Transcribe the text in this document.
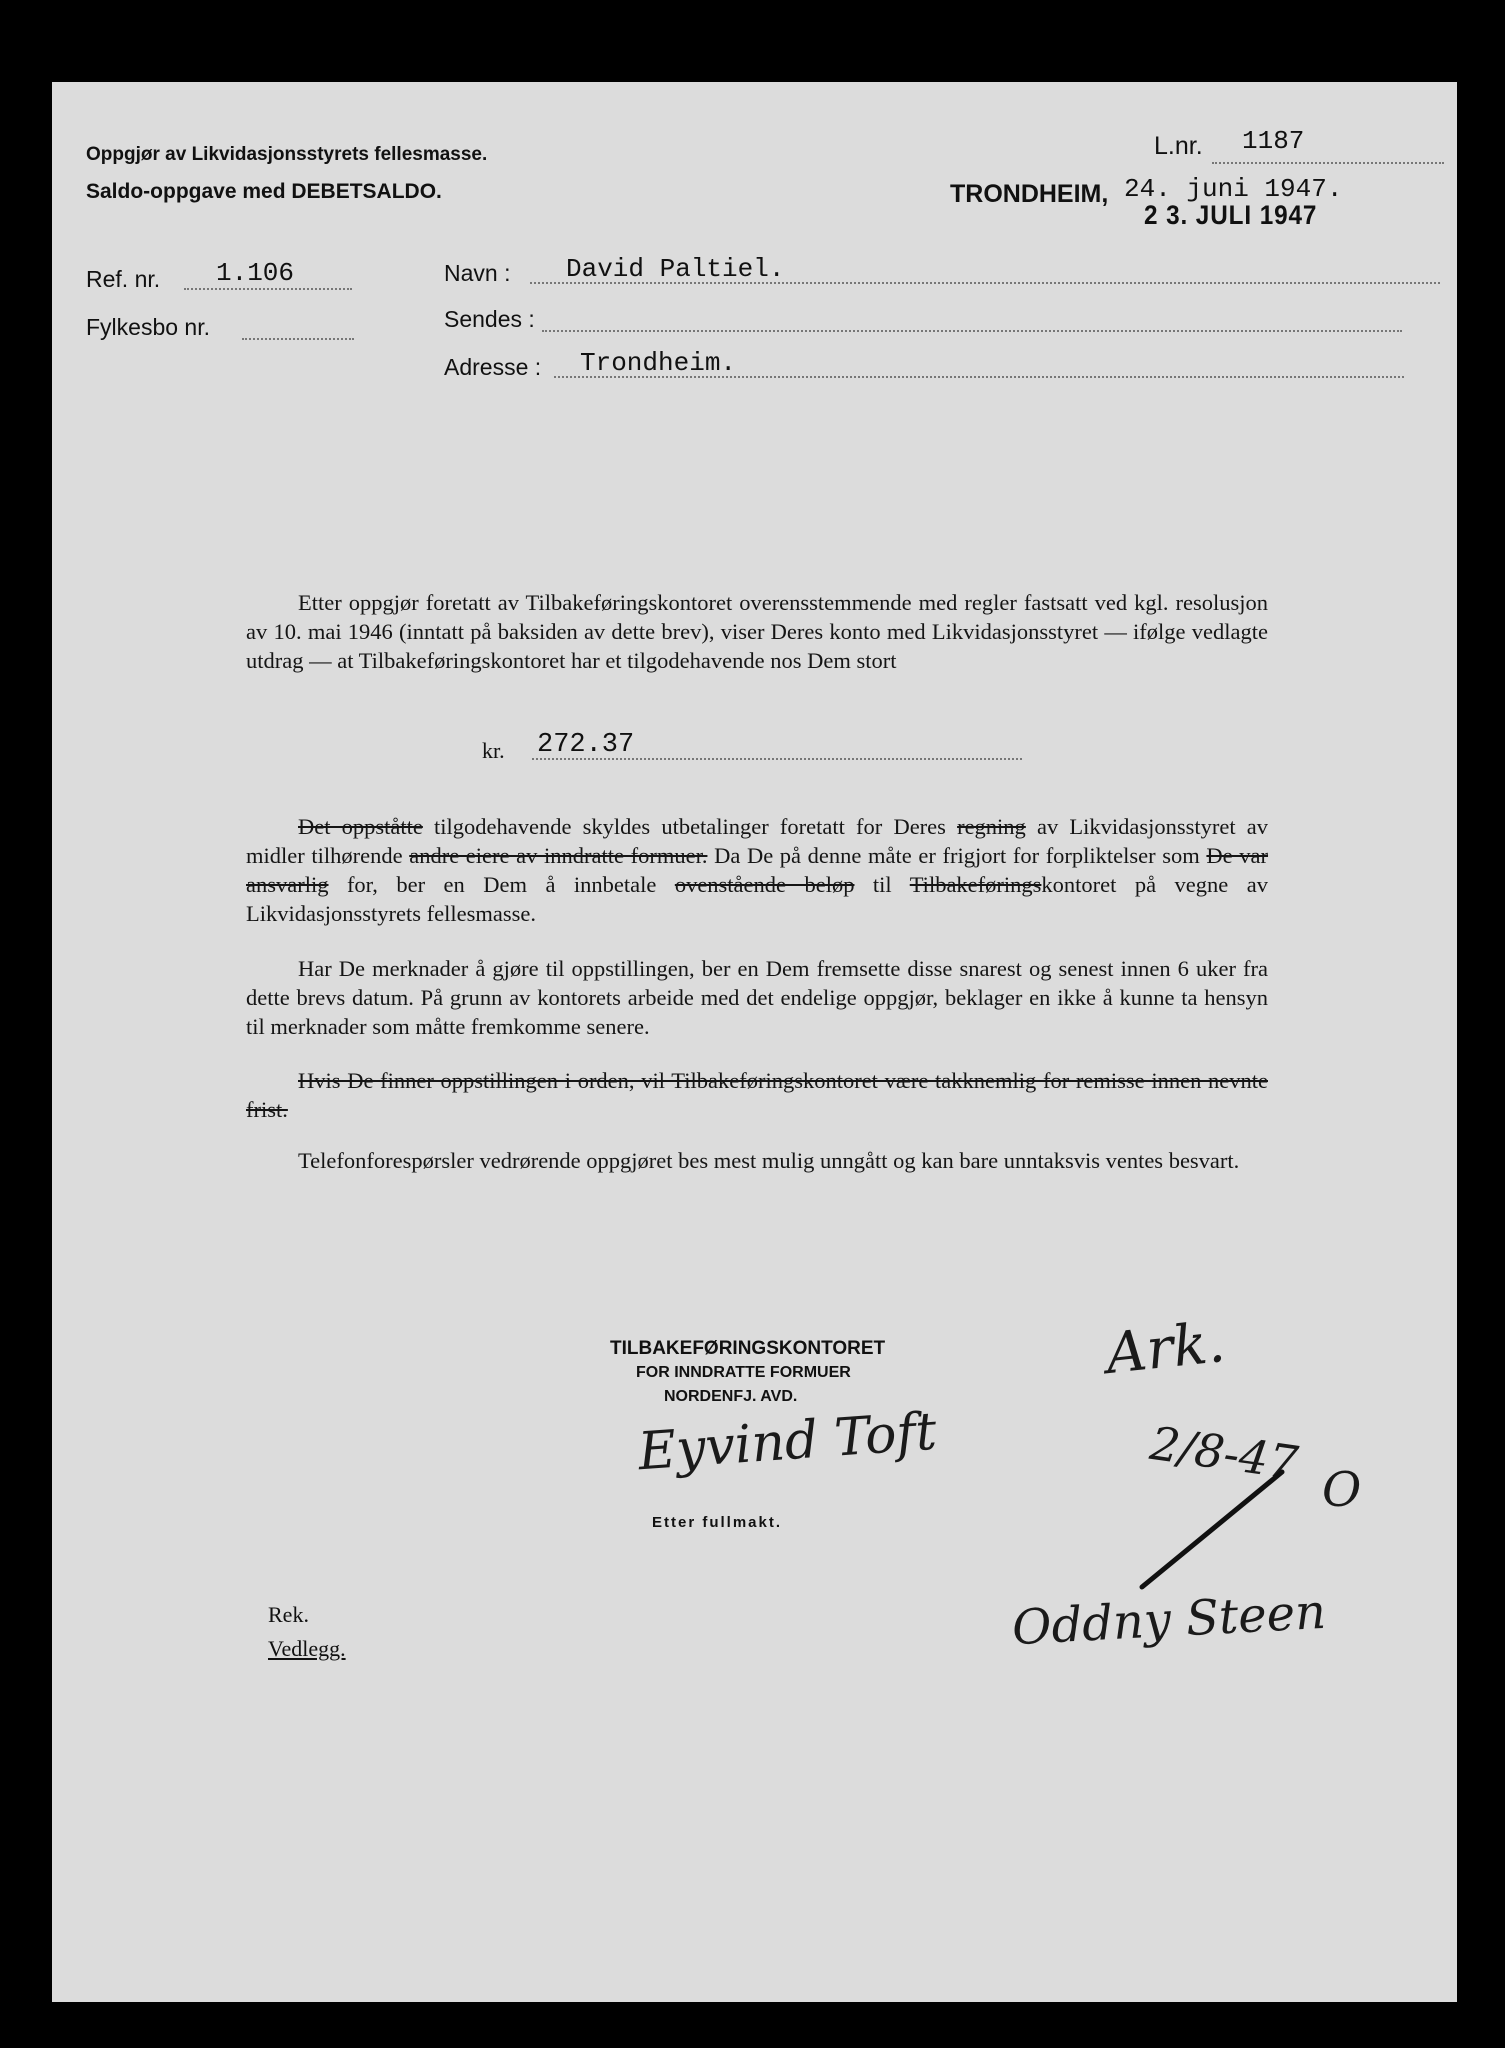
Oppgjør av Likvidasjonsstyrets fellesmasse.
Saldo-oppgave med DEBETSALDO.
L.nr. 1187
TRONDHEIM, 24. juni 1947.
2 3. JULI 1947
Ref. nr. 1.106
Fylkesbo nr.
Navn : David Paltiel.
Sendes :
Adresse : Trondheim.
Etter oppgjør foretatt av Tilbakeføringskontoret overensstemmende med regler fastsatt ved kgl. resolusjon av 10. mai 1946 (inntatt på baksiden av dette brev), viser Deres konto med Likvidasjonsstyret — ifølge vedlagte utdrag — at Tilbakeføringskontoret har et tilgodehavende nos Dem stort
kr. 272.37
Det oppståtte tilgodehavende skyldes utbetalinger foretatt for Deres regning av Likvidasjonsstyret av midler tilhørende andre eiere av inndratte formuer. Da De på denne måte er frigjort for forpliktelser som De var ansvarlig for, ber en Dem å innbetale ovenstående beløp til Tilbakeføringskontoret på vegne av Likvidasjonsstyrets fellesmasse.
Har De merknader å gjøre til oppstillingen, ber en Dem fremsette disse snarest og senest innen 6 uker fra dette brevs datum. På grunn av kontorets arbeide med det endelige oppgjør, beklager en ikke å kunne ta hensyn til merknader som måtte fremkomme senere.
Hvis De finner oppstillingen i orden, vil Tilbakeføringskontoret være takknemlig for remisse innen nevnte frist.
Telefonforespørsler vedrørende oppgjøret bes mest mulig unngått og kan bare unntaksvis ventes besvart.
TILBAKEFØRINGSKONTORET
FOR INNDRATTE FORMUER
NORDENFJ. AVD.
Eyvind Toft
Etter fullmakt.
Ark.
2/8-47 O
Oddny Steen
Rek.
Vedlegg.
